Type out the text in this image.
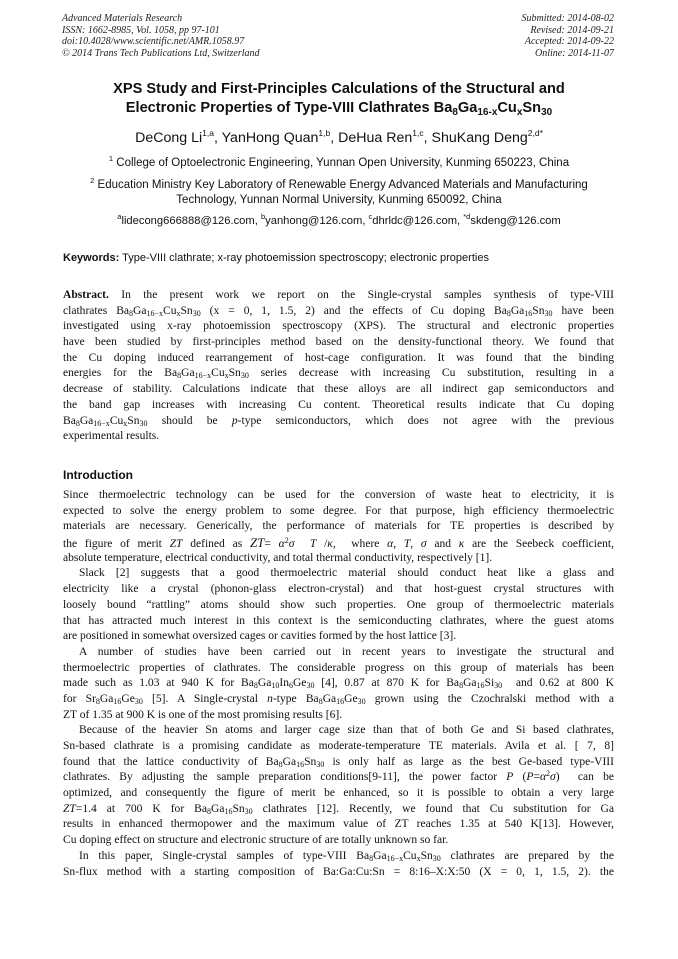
Advanced Materials Research
ISSN: 1662-8985, Vol. 1058, pp 97-101
doi:10.4028/www.scientific.net/AMR.1058.97
© 2014 Trans Tech Publications Ltd, Switzerland
Submitted: 2014-08-02
Revised: 2014-09-21
Accepted: 2014-09-22
Online: 2014-11-07
XPS Study and First-Principles Calculations of the Structural and
Electronic Properties of Type-VIII Clathrates $Ba_8Ga_{16-x}Cu_xSn_{30}$
DeCong Li$^{1,a}$, YanHong Quan$^{1,b}$, DeHua Ren$^{1,c}$, ShuKang Deng$^{2,d*}$
$^1$ College of Optoelectronic Engineering, Yunnan Open University, Kunming 650223, China
$^2$ Education Ministry Key Laboratory of Renewable Energy Advanced Materials and Manufacturing
Technology, Yunnan Normal University, Kunming 650092, China
$^a$lidecong666888@126.com, $^b$yanhong@126.com, $^c$dhrldc@126.com, $^{*d}$skdeng@126.com
Keywords: Type-VIII clathrate; x-ray photoemission spectroscopy; electronic properties
Abstract. In the present work we report on the Single-crystal samples synthesis of type-VIII
clathrates $Ba_8Ga_{16-x}Cu_xSn_{30}$ (x = 0, 1, 1.5, 2) and the effects of Cu doping $Ba_8Ga_{16}Sn_{30}$ have been
investigated using x-ray photoemission spectroscopy (XPS). The structural and electronic properties
have been studied by first-principles method based on the density-functional theory. We found that
the Cu doping induced rearrangement of host-cage configuration. It was found that the binding
energies for the $Ba_8Ga_{16-x}Cu_xSn_{30}$ series decrease with increasing Cu substitution, resulting in a
decrease of stability. Calculations indicate that these alloys are all indirect gap semiconductors and
the band gap increases with increasing Cu content. Theoretical results indicate that Cu doping
$Ba_8Ga_{16-x}Cu_xSn_{30}$ should be p-type semiconductors, which does not agree with the previous
experimental results.
Introduction
Since thermoelectric technology can be used for the conversion of waste heat to electricity, it is
expected to solve the energy problem to some degree. For that purpose, high efficiency thermoelectric
materials are necessary. Generically, the performance of materials for TE properties is described by
the figure of merit ZT defined as $ZT= \alpha^2\sigma$ T /κ,  where α, T, σ and κ are the Seebeck coefficient,
absolute temperature, electrical conductivity, and total thermal conductivity, respectively [1].
Slack [2] suggests that a good thermoelectric material should conduct heat like a glass and
electricity like a crystal (phonon-glass electron-crystal) and that host-guest crystal structures with
loosely bound “rattling” atoms should show such properties. One group of thermoelectric materials
that has attracted much interest in this context is the semiconducting clathrates, where the guest atoms
are positioned in somewhat oversized cages or cavities formed by the host lattice [3].
A number of studies have been carried out in recent years to investigate the structural and
thermoelectric properties of clathrates. The considerable progress on this group of materials has been
made such as 1.03 at 940 K for $Ba_8Ga_{10}In_6Ge_{30}$ [4], 0.87 at 870 K for $Ba_8Ga_{16}Si_{30}$  and 0.62 at 800 K
for $Sr_8Ga_{16}Ge_{30}$ [5]. A Single-crystal n-type $Ba_8Ga_{16}Ge_{30}$ grown using the Czochralski method with a
ZT of 1.35 at 900 K is one of the most promising results [6].
Because of the heavier Sn atoms and larger cage size than that of both Ge and Si based clathrates,
Sn-based clathrate is a promising candidate as moderate-temperature TE materials. Avila et al. [ 7, 8]
found that the lattice conductivity of $Ba_8Ga_{16}Sn_{30}$ is only half as large as the best Ge-based type-VIII
clathrates. By adjusting the sample preparation conditions[9-11], the power factor P $(P=\alpha^2\sigma)$  can be
optimized, and consequently the figure of merit be enhanced, so it is possible to obtain a very large
ZT=1.4 at 700 K for $Ba_8Ga_{16}Sn_{30}$ clathrates [12]. Recently, we found that Cu substitution for Ga
results in enhanced thermopower and the maximum value of ZT reaches 1.35 at 540 K[13]. However,
Cu doping effect on structure and electronic structure of are totally unknown so far.
In this paper, Single-crystal samples of type-VIII $Ba_8Ga_{16-x}Cu_xSn_{30}$ clathrates are prepared by the
Sn-flux method with a starting composition of Ba:Ga:Cu:Sn = 8:16–X:X:50 (X = 0, 1, 1.5, 2). the
